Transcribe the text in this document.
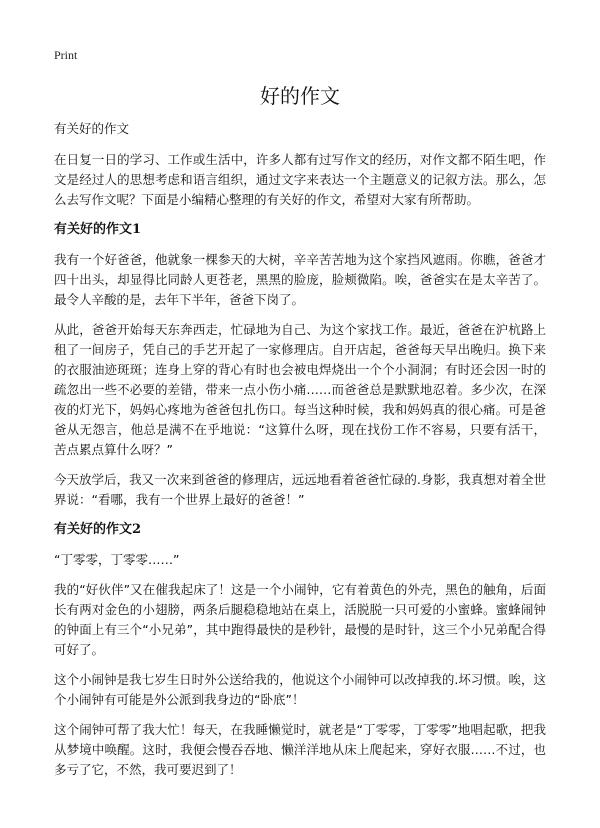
Print
好的作文
有关好的作文

在日复一日的学习、工作或生活中，许多人都有过写作文的经历，对作文都不陌生吧，作文是经过人的思想考虑和语言组织，通过文字来表达一个主题意义的记叙方法。那么，怎么去写作文呢？下面是小编精心整理的有关好的作文，希望对大家有所帮助。

有关好的作文1

我有一个好爸爸，他就象一棵参天的大树，辛辛苦苦地为这个家挡风遮雨。你瞧，爸爸才四十出头，却显得比同龄人更苍老，黑黑的脸庞，脸颊微陷。唉，爸爸实在是太辛苦了。最令人辛酸的是，去年下半年，爸爸下岗了。

从此，爸爸开始每天东奔西走，忙碌地为自己、为这个家找工作。最近，爸爸在沪杭路上租了一间房子，凭自己的手艺开起了一家修理店。自开店起，爸爸每天早出晚归。换下来的衣服油迹斑斑；连身上穿的背心有时也会被电焊烧出一个个小洞洞；有时还会因一时的疏忽出一些不必要的差错，带来一点小伤小痛……而爸爸总是默默地忍着。多少次，在深夜的灯光下，妈妈心疼地为爸爸包扎伤口。每当这种时候，我和妈妈真的很心痛。可是爸爸从无怨言，他总是满不在乎地说：“这算什么呀，现在找份工作不容易，只要有活干，苦点累点算什么呀？”

今天放学后，我又一次来到爸爸的修理店，远远地看着爸爸忙碌的.身影，我真想对着全世界说：“看哪，我有一个世界上最好的爸爸！”

有关好的作文2

“丁零零，丁零零……”

我的“好伙伴”又在催我起床了！这是一个小闹钟，它有着黄色的外壳，黑色的触角，后面长有两对金色的小翅膀，两条后腿稳稳地站在桌上，活脱脱一只可爱的小蜜蜂。蜜蜂闹钟的钟面上有三个“小兄弟”，其中跑得最快的是秒针，最慢的是时针，这三个小兄弟配合得可好了。

这个小闹钟是我七岁生日时外公送给我的，他说这个小闹钟可以改掉我的.坏习惯。唉，这个小闹钟有可能是外公派到我身边的“卧底”！

这个闹钟可帮了我大忙！每天，在我睡懒觉时，就老是“丁零零，丁零零”地唱起歌，把我从梦境中唤醒。这时，我便会慢吞吞地、懒洋洋地从床上爬起来，穿好衣服……不过，也多亏了它，不然，我可要迟到了！
